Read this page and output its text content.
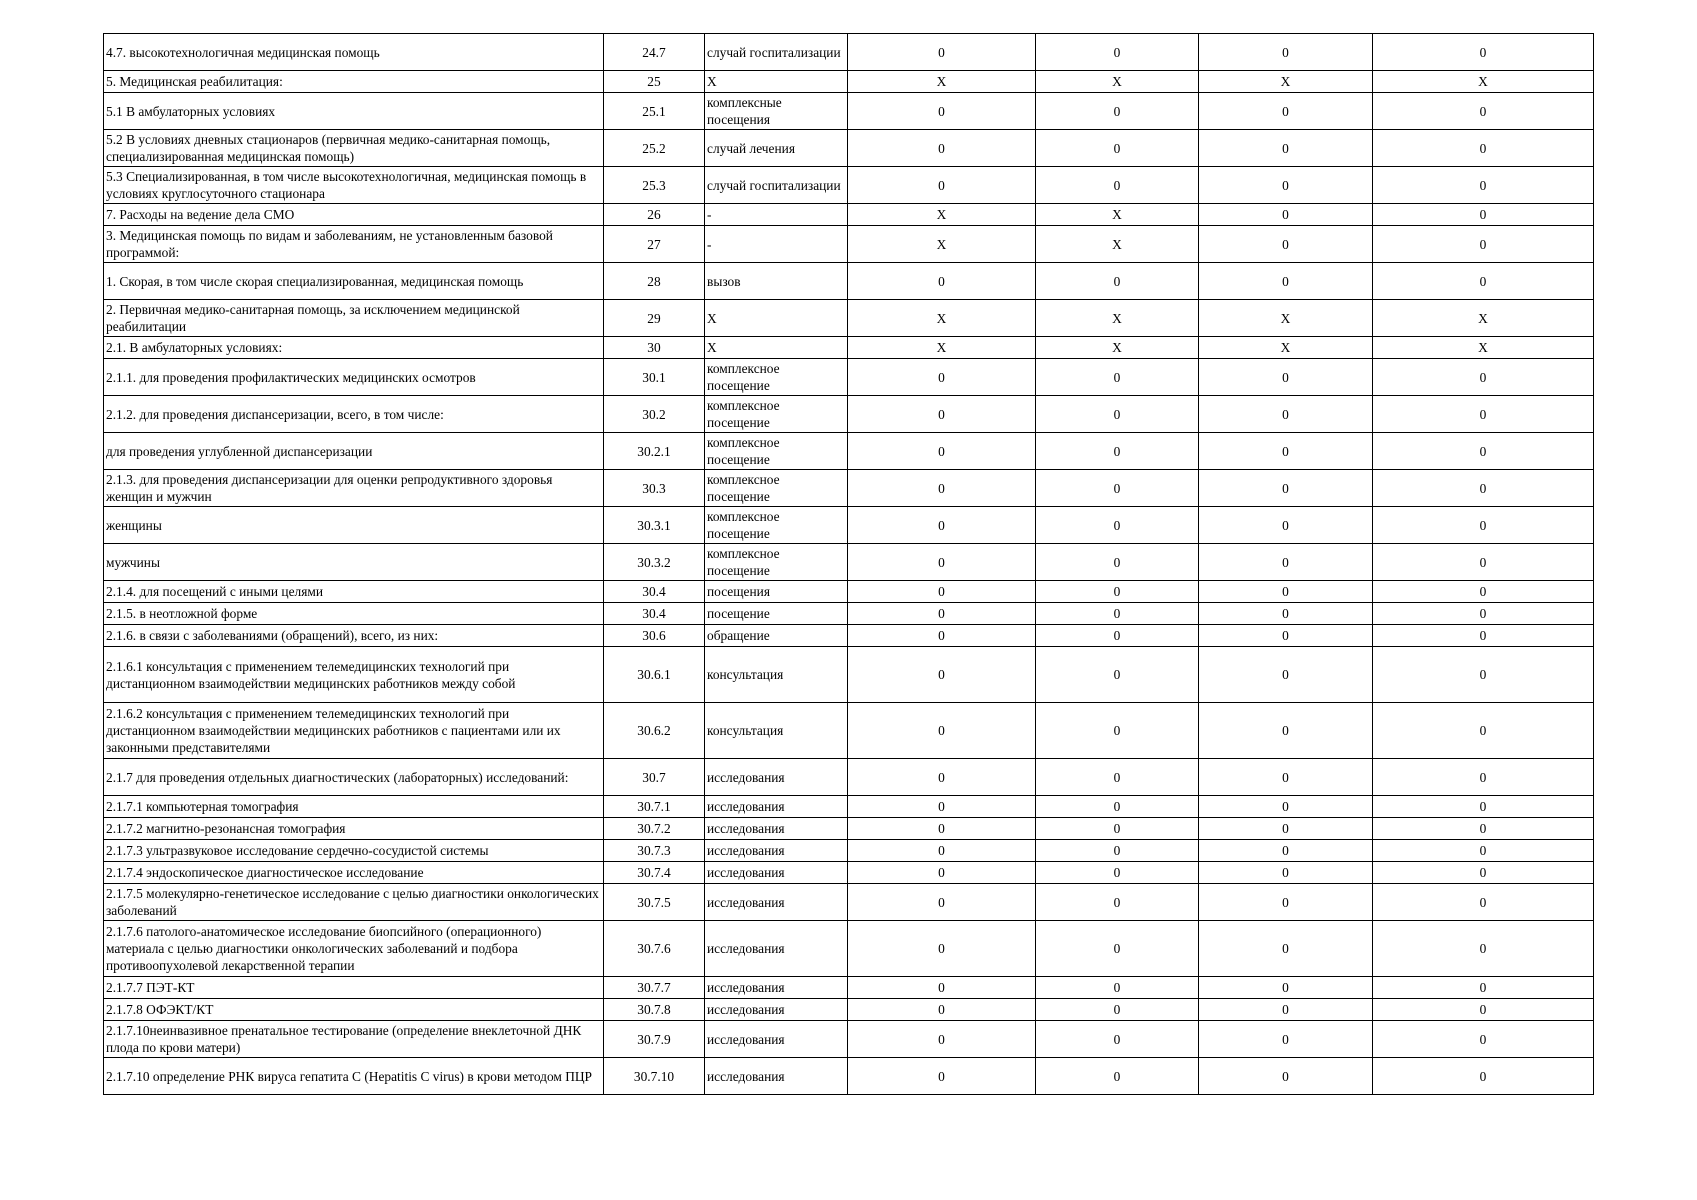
4.7. высокотехнологичная медицинская помощь	24.7	случай госпитализации	0	0	0	0
5. Медицинская реабилитация:	25	Х	Х	Х	Х	Х
5.1 В амбулаторных условиях	25.1	комплексные посещения	0	0	0	0
5.2 В условиях дневных стационаров (первичная медико-санитарная помощь, специализированная медицинская помощь)	25.2	случай лечения	0	0	0	0
5.3 Специализированная, в том числе высокотехнологичная, медицинская помощь в условиях круглосуточного стационара	25.3	случай госпитализации	0	0	0	0
7. Расходы на ведение дела СМО	26	-	Х	Х	0	0
3. Медицинская помощь по видам и заболеваниям, не установленным базовой программой:	27	-	Х	Х	0	0
1. Скорая, в том числе скорая специализированная, медицинская помощь	28	вызов	0	0	0	0
2. Первичная медико-санитарная помощь, за исключением медицинской реабилитации	29	Х	Х	Х	Х	Х
2.1. В амбулаторных условиях:	30	Х	Х	Х	Х	Х
2.1.1. для проведения профилактических медицинских осмотров	30.1	комплексное посещение	0	0	0	0
2.1.2. для проведения диспансеризации, всего, в том числе:	30.2	комплексное посещение	0	0	0	0
для проведения углубленной диспансеризации	30.2.1	комплексное посещение	0	0	0	0
2.1.3. для проведения диспансеризации для оценки репродуктивного здоровья женщин и мужчин	30.3	комплексное посещение	0	0	0	0
женщины	30.3.1	комплексное посещение	0	0	0	0
мужчины	30.3.2	комплексное посещение	0	0	0	0
2.1.4. для посещений с иными целями	30.4	посещения	0	0	0	0
2.1.5. в неотложной форме	30.4	посещение	0	0	0	0
2.1.6. в связи с заболеваниями (обращений), всего, из них:	30.6	обращение	0	0	0	0
2.1.6.1 консультация с применением телемедицинских технологий при дистанционном взаимодействии медицинских работников между собой	30.6.1	консультация	0	0	0	0
2.1.6.2 консультация с применением телемедицинских технологий при дистанционном взаимодействии медицинских работников с пациентами или их законными представителями	30.6.2	консультация	0	0	0	0
2.1.7 для проведения отдельных диагностических (лабораторных) исследований:	30.7	исследования	0	0	0	0
2.1.7.1 компьютерная томография	30.7.1	исследования	0	0	0	0
2.1.7.2 магнитно-резонансная томография	30.7.2	исследования	0	0	0	0
2.1.7.3 ультразвуковое исследование сердечно-сосудистой системы	30.7.3	исследования	0	0	0	0
2.1.7.4 эндоскопическое диагностическое исследование	30.7.4	исследования	0	0	0	0
2.1.7.5 молекулярно-генетическое исследование с целью диагностики онкологических заболеваний	30.7.5	исследования	0	0	0	0
2.1.7.6 патолого-анатомическое исследование биопсийного (операционного) материала с целью диагностики онкологических заболеваний и подбора противоопухолевой лекарственной терапии	30.7.6	исследования	0	0	0	0
2.1.7.7 ПЭТ-КТ	30.7.7	исследования	0	0	0	0
2.1.7.8 ОФЭКТ/КТ	30.7.8	исследования	0	0	0	0
2.1.7.10неинвазивное пренатальное тестирование (определение внеклеточной ДНК плода по крови матери)	30.7.9	исследования	0	0	0	0
2.1.7.10 определение РНК вируса гепатита C (Hepatitis C virus) в крови методом ПЦР	30.7.10	исследования	0	0	0	0
